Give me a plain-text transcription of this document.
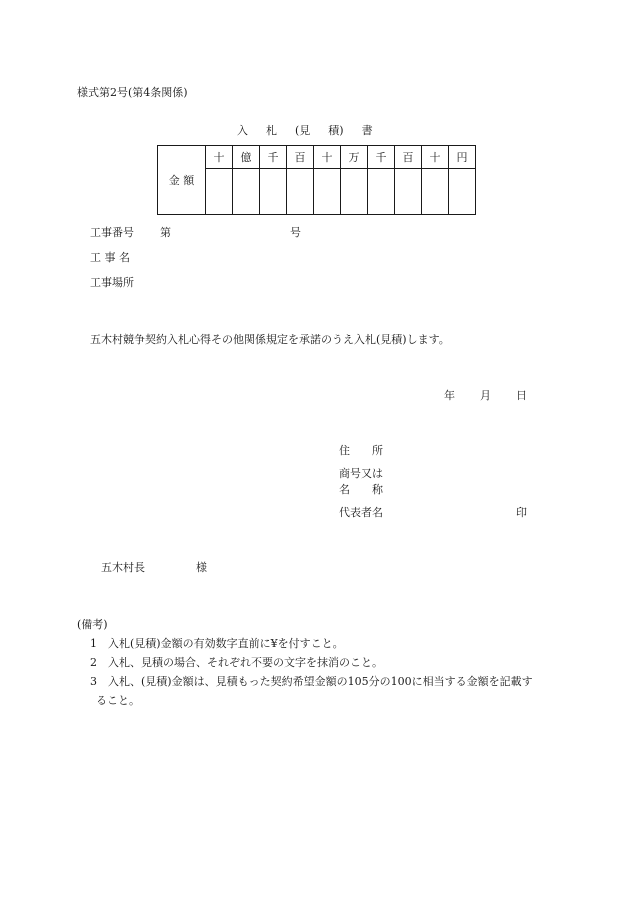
様式第2号(第4条関係)
入 札 (見 積) 書
金 額	十	億	千	百	十	万	千	百	十	円

工事番号 第	号
工 事 名
工事場所
五木村競争契約入札心得その他関係規定を承諾のうえ入札(見積)します。
年 月 日
住 所
商号又は
名 称
代表者名	印
五木村長	様
(備考)
1　入札(見積)金額の有効数字直前に¥を付すこと。
2　入札、見積の場合、それぞれ不要の文字を抹消のこと。
3　入札、(見積)金額は、見積もった契約希望金額の105分の100に相当する金額を記載す
ること。
